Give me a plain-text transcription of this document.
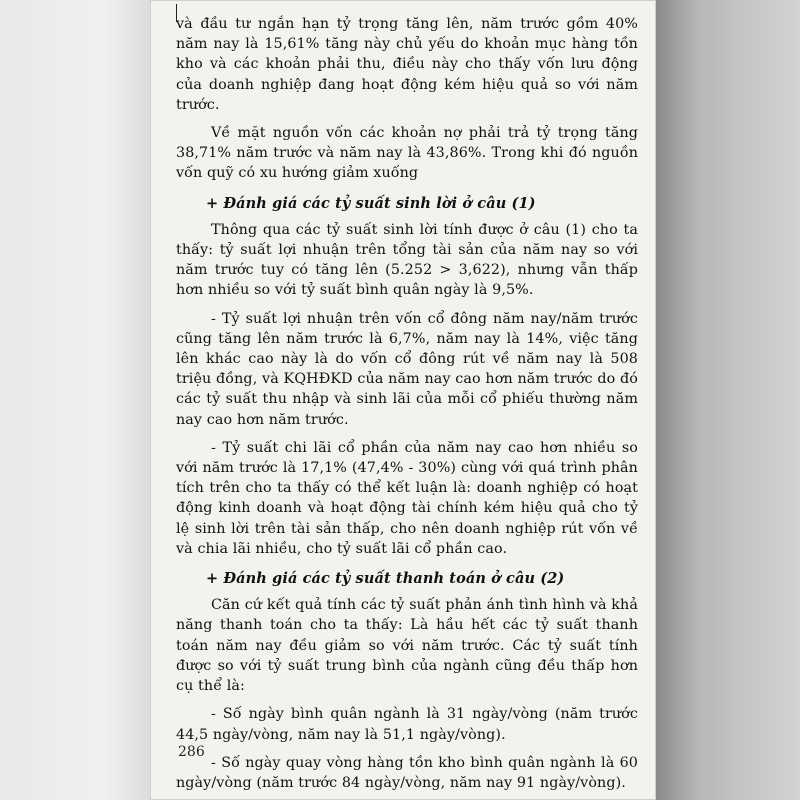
và đầu tư ngắn hạn tỷ trọng tăng lên, năm trước gồm 40% năm nay là 15,61% tăng này chủ yếu do khoản mục hàng tồn kho và các khoản phải thu, điều này cho thấy vốn lưu động của doanh nghiệp đang hoạt động kém hiệu quả so với năm trước.

Về mặt nguồn vốn các khoản nợ phải trả tỷ trọng tăng 38,71% năm trước và năm nay là 43,86%. Trong khi đó nguồn vốn quỹ có xu hướng giảm xuống

+ Đánh giá các tỷ suất sinh lời ở câu (1)

Thông qua các tỷ suất sinh lời tính được ở câu (1) cho ta thấy: tỷ suất lợi nhuận trên tổng tài sản của năm nay so với năm trước tuy có tăng lên (5.252 > 3,622), nhưng vẫn thấp hơn nhiều so với tỷ suất bình quân ngày là 9,5%.

- Tỷ suất lợi nhuận trên vốn cổ đông năm nay/năm trước cũng tăng lên năm trước là 6,7%, năm nay là 14%, việc tăng lên khác cao này là do vốn cổ đông rút về năm nay là 508 triệu đồng, và KQHĐKD của năm nay cao hơn năm trước do đó các tỷ suất thu nhập và sinh lãi của mỗi cổ phiếu thường năm nay cao hơn năm trước.

- Tỷ suất chi lãi cổ phần của năm nay cao hơn nhiều so với năm trước là 17,1% (47,4% - 30%) cùng với quá trình phân tích trên cho ta thấy có thể kết luận là: doanh nghiệp có hoạt động kinh doanh và hoạt động tài chính kém hiệu quả cho tỷ lệ sinh lời trên tài sản thấp, cho nên doanh nghiệp rút vốn về và chia lãi nhiều, cho tỷ suất lãi cổ phần cao.

+ Đánh giá các tỷ suất thanh toán ở câu (2)

Căn cứ kết quả tính các tỷ suất phản ánh tình hình và khả năng thanh toán cho ta thấy: Là hầu hết các tỷ suất thanh toán năm nay đều giảm so với năm trước. Các tỷ suất tính được so với tỷ suất trung bình của ngành cũng đều thấp hơn cụ thể là:

- Số ngày bình quân ngành là 31 ngày/vòng (năm trước 44,5 ngày/vòng, năm nay là 51,1 ngày/vòng).

- Số ngày quay vòng hàng tồn kho bình quân ngành là 60 ngày/vòng (năm trước 84 ngày/vòng, năm nay 91 ngày/vòng).

286
